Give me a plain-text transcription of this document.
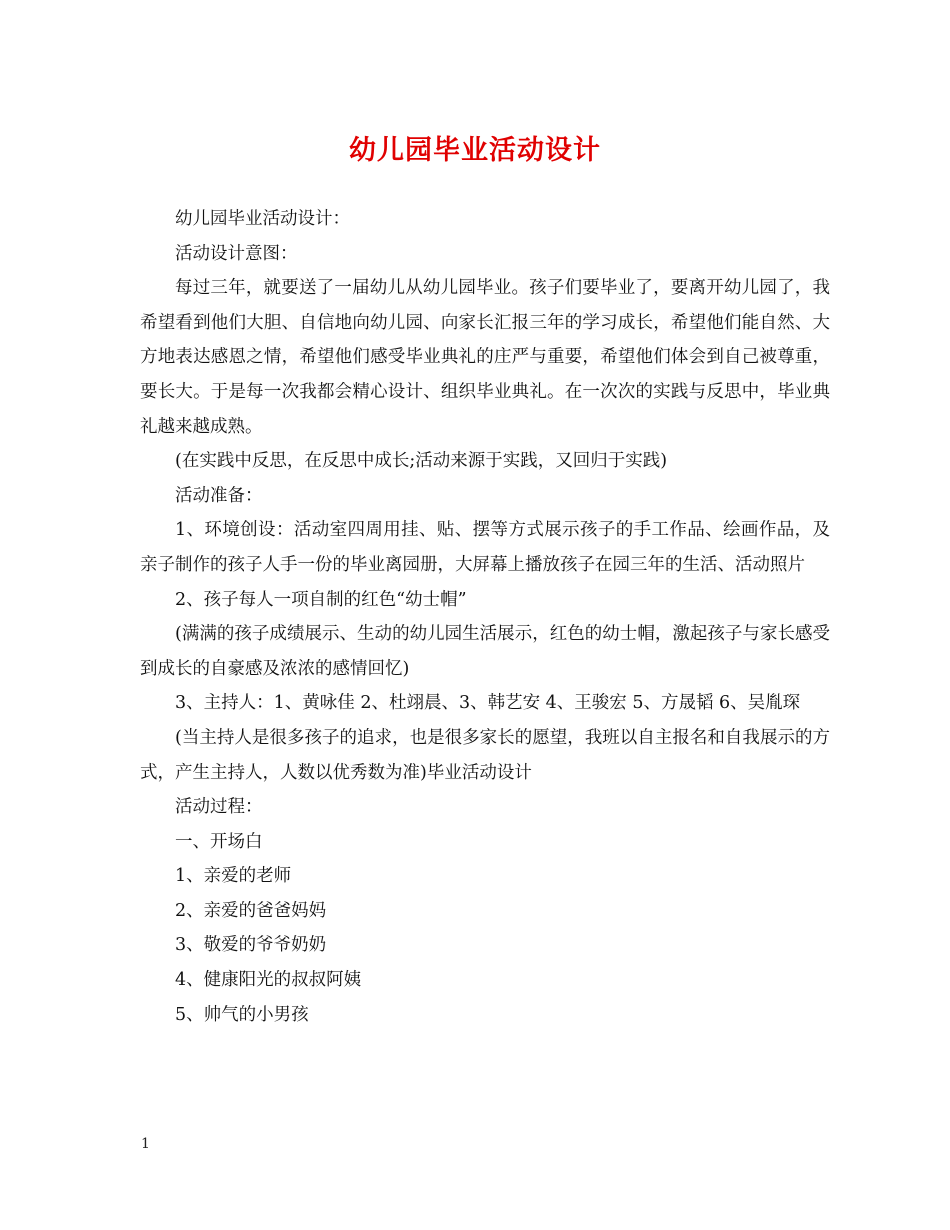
幼儿园毕业活动设计

幼儿园毕业活动设计：

活动设计意图：

每过三年，就要送了一届幼儿从幼儿园毕业。孩子们要毕业了，要离开幼儿园了，我希望看到他们大胆、自信地向幼儿园、向家长汇报三年的学习成长，希望他们能自然、大方地表达感恩之情，希望他们感受毕业典礼的庄严与重要，希望他们体会到自己被尊重，要长大。于是每一次我都会精心设计、组织毕业典礼。在一次次的实践与反思中，毕业典礼越来越成熟。

(在实践中反思，在反思中成长;活动来源于实践，又回归于实践)

活动准备：

1、环境创设：活动室四周用挂、贴、摆等方式展示孩子的手工作品、绘画作品，及亲子制作的孩子人手一份的毕业离园册，大屏幕上播放孩子在园三年的生活、活动照片

2、孩子每人一项自制的红色“幼士帽”

(满满的孩子成绩展示、生动的幼儿园生活展示，红色的幼士帽，激起孩子与家长感受到成长的自豪感及浓浓的感情回忆)

3、主持人：1、黄咏佳 2、杜翊晨、3、韩艺安 4、王骏宏 5、方晟韬 6、吴胤琛

(当主持人是很多孩子的追求，也是很多家长的愿望，我班以自主报名和自我展示的方式，产生主持人，人数以优秀数为准)毕业活动设计

活动过程：

一、开场白

1、亲爱的老师

2、亲爱的爸爸妈妈

3、敬爱的爷爷奶奶

4、健康阳光的叔叔阿姨

5、帅气的小男孩

1
